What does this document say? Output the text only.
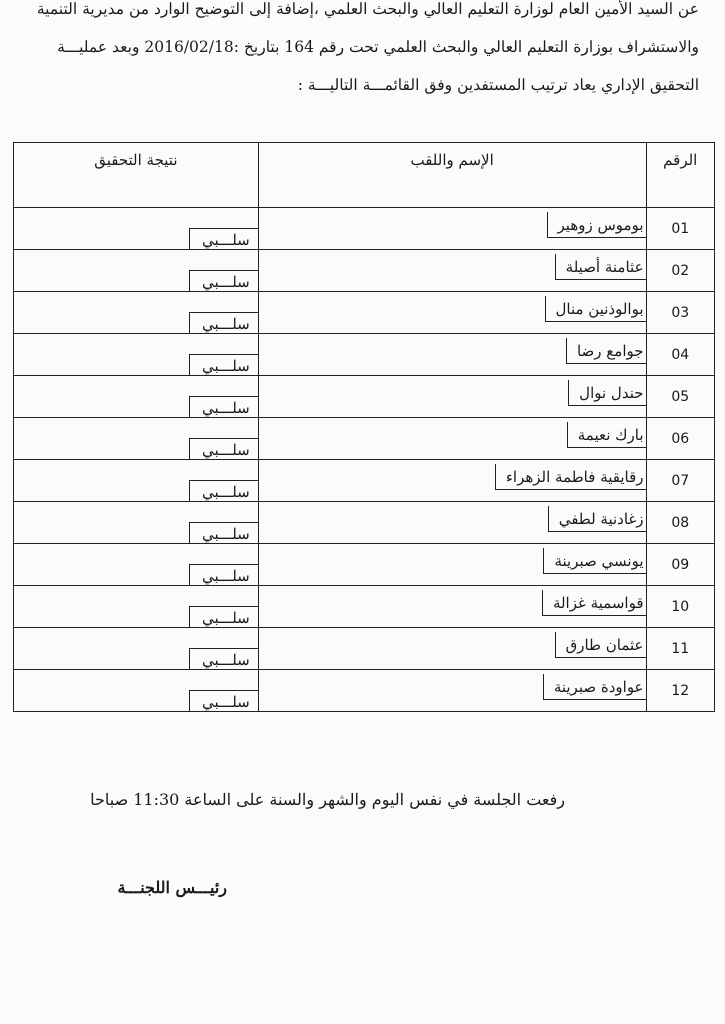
عن السيد الأمين العام لوزارة التعليم العالي والبحث العلمي ،إضافة إلى التوضيح الوارد من مديرية التنمية
والاستشراف بوزارة التعليم العالي والبحث العلمي تحت رقم 164 بتاريخ :2016/02/18 وبعد عمليـــة
التحقيق الإداري يعاد ترتيب المستفدين وفق القائمـــة التاليـــة :
الرقم	الإسم واللقب	نتيجة التحقيق
01	بوموس زوهير	سلـــبي
02	عثامنة أصيلة	سلـــبي
03	بوالوذنين منال	سلـــبي
04	جوامع رضا	سلـــبي
05	حندل نوال	سلـــبي
06	بارك نعيمة	سلـــبي
07	رقايقية فاطمة الزهراء	سلـــبي
08	زغادنية لطفي	سلـــبي
09	يونسي صبرينة	سلـــبي
10	قواسمية غزالة	سلـــبي
11	عثمان طارق	سلـــبي
12	عواودة صبرينة	سلـــبي
رفعت الجلسة في نفس اليوم والشهر والسنة على الساعة 11:30 صباحا
رئيـــس اللجنـــة
